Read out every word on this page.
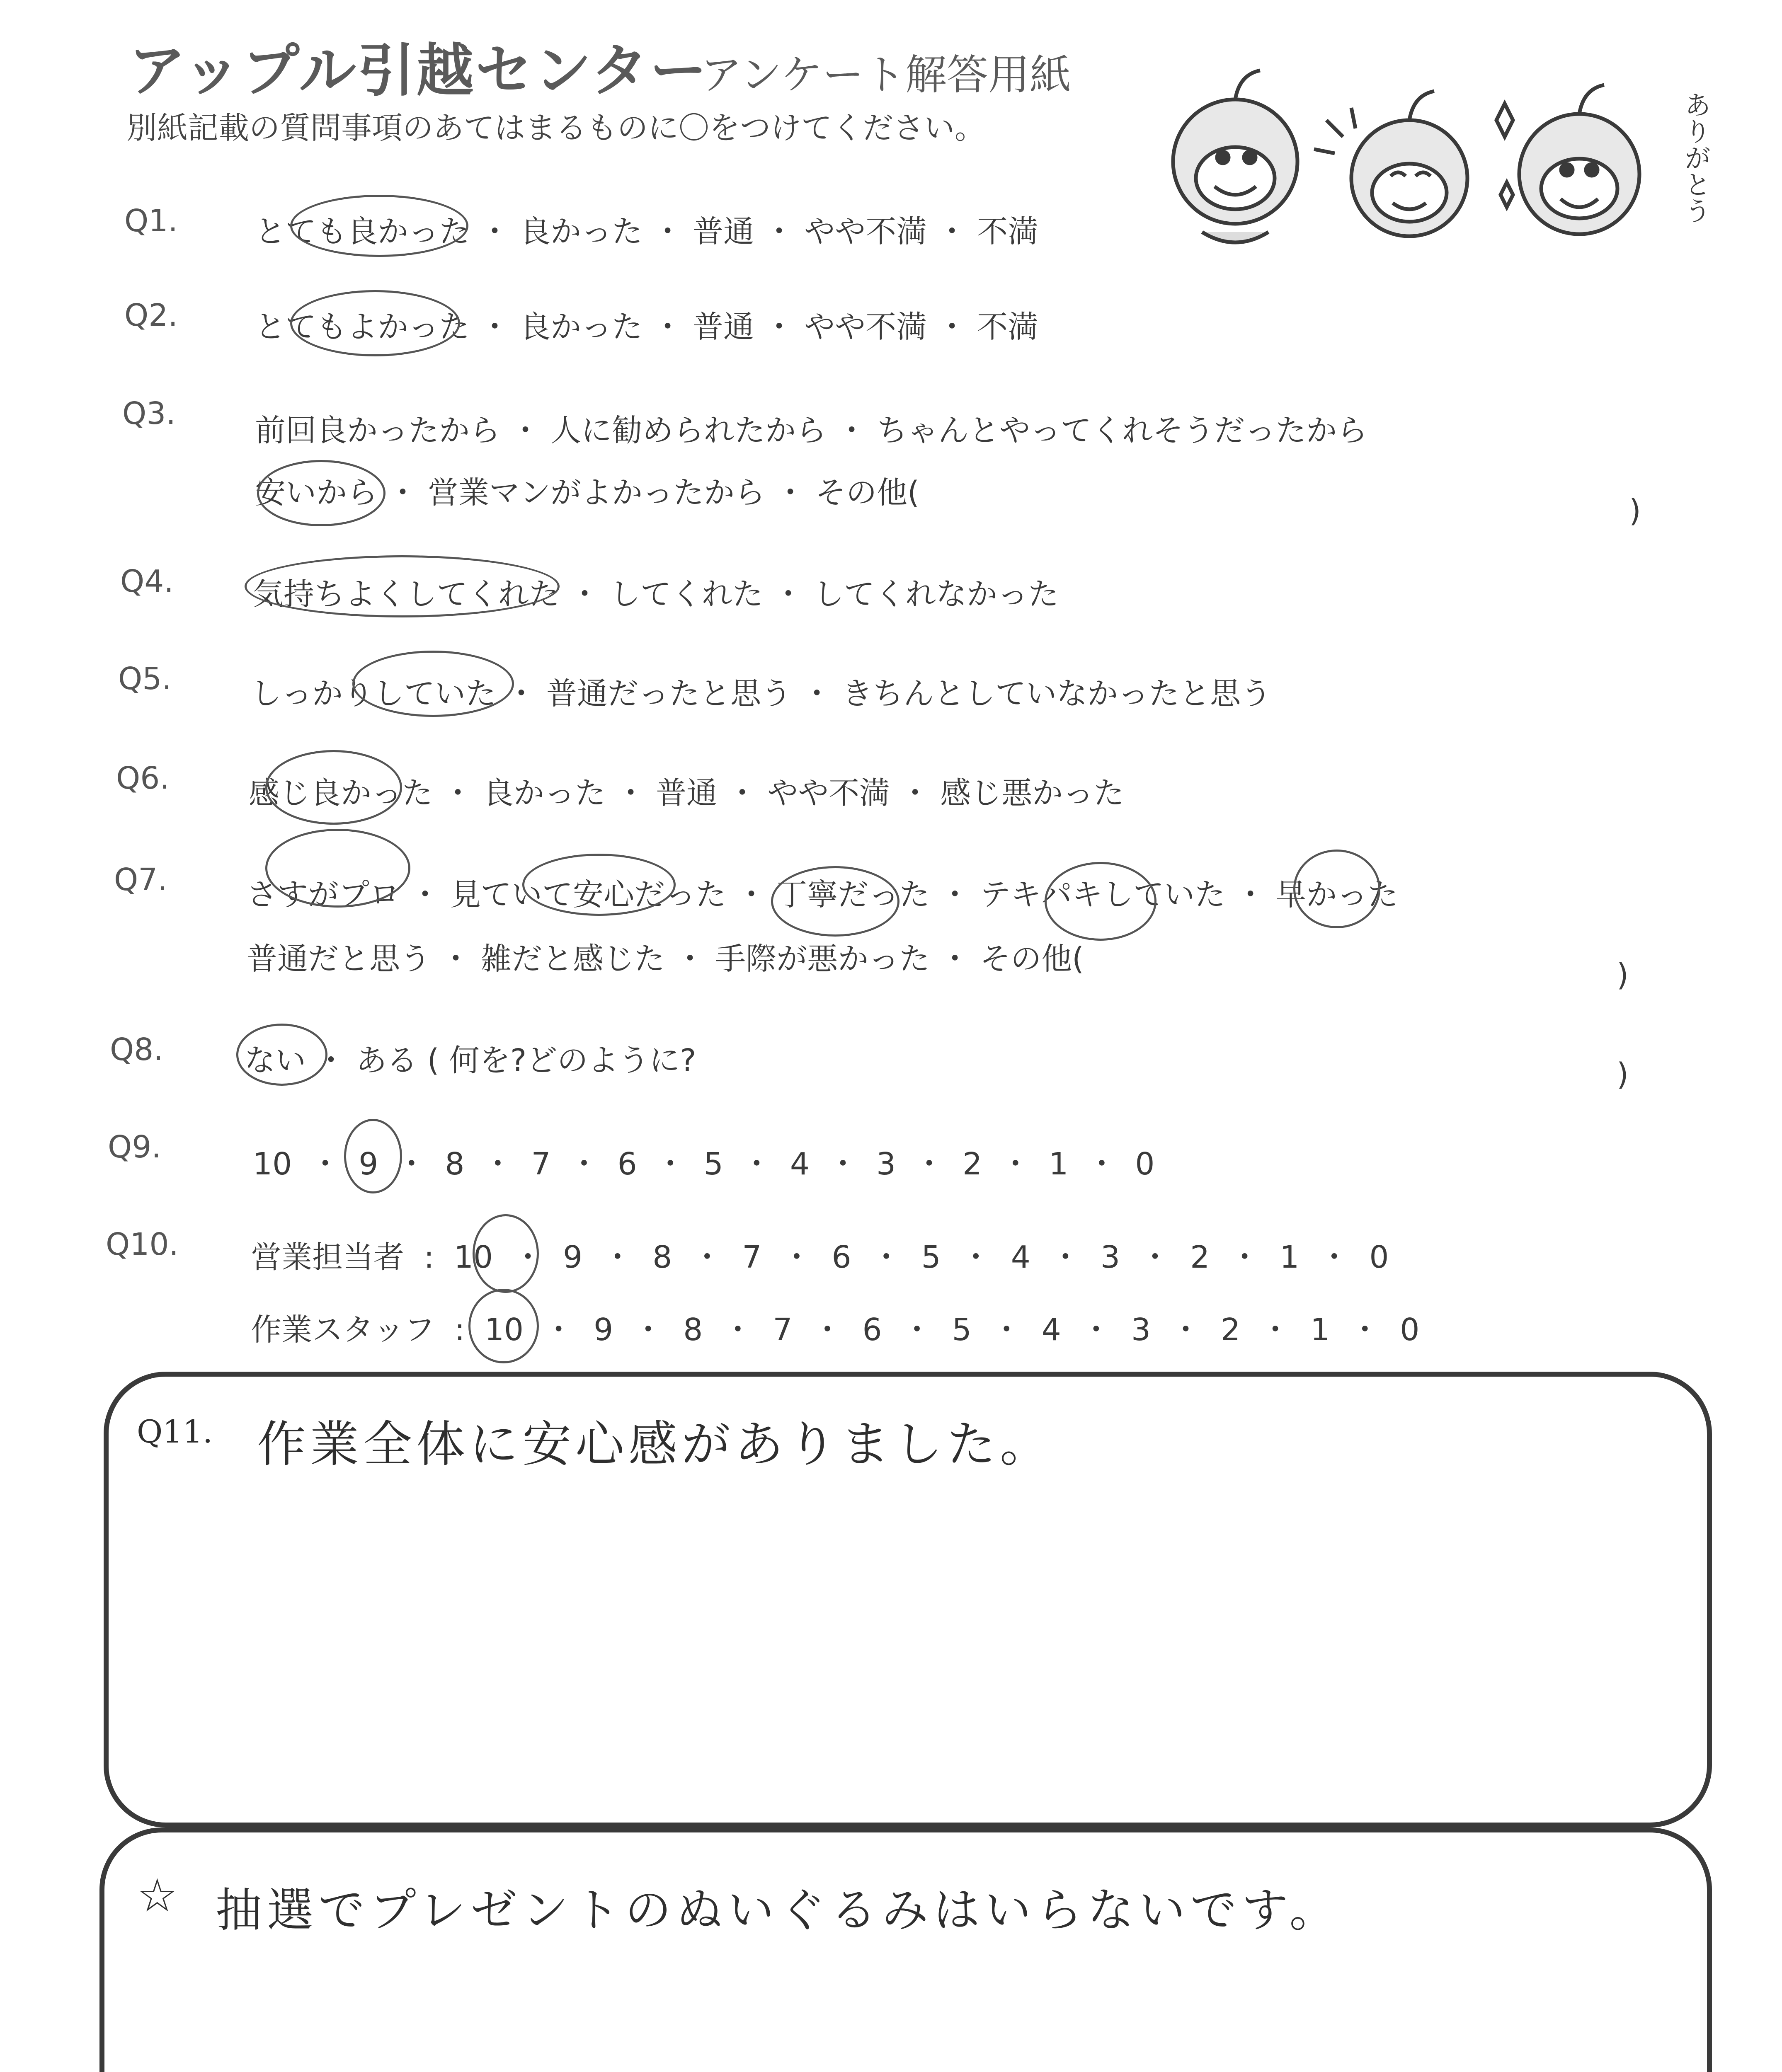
アップル引越センター
アンケート解答用紙
別紙記載の質問事項のあてはまるものに〇をつけてください。	ありがとう
Q1.	とても良かった ・ 良かった ・ 普通 ・ やや不満 ・ 不満
Q2.	とてもよかった ・ 良かった ・ 普通 ・ やや不満 ・ 不満
Q3.	前回良かったから ・ 人に勧められたから ・ ちゃんとやってくれそうだったから
安いから ・ 営業マンがよかったから ・ その他(
)
Q4.	気持ちよくしてくれた ・ してくれた ・ してくれなかった
Q5.	しっかりしていた ・ 普通だったと思う ・ きちんとしていなかったと思う
Q6.	感じ良かった ・ 良かった ・ 普通 ・ やや不満 ・ 感じ悪かった
Q7.	さすがプロ ・ 見ていて安心だった ・ 丁寧だった ・ テキパキしていた ・ 早かった
普通だと思う ・ 雑だと感じた ・ 手際が悪かった ・ その他(	)
Q8.	ない ・ ある ( 何を?どのように?	)
Q9.	10 ・ 9 ・ 8 ・ 7 ・ 6 ・ 5 ・ 4 ・ 3 ・ 2 ・ 1 ・ 0
Q10. 営業担当者 : 10 ・ 9 ・ 8 ・ 7 ・ 6 ・ 5 ・ 4 ・ 3 ・ 2 ・ 1 ・ 0
作業スタッフ : 10 ・ 9 ・ 8 ・ 7 ・ 6 ・ 5 ・ 4 ・ 3 ・ 2 ・ 1 ・ 0
Q11. 作業全体に安心感がありました。
☆ 抽選でプレゼントのぬいぐるみはいらないです。
